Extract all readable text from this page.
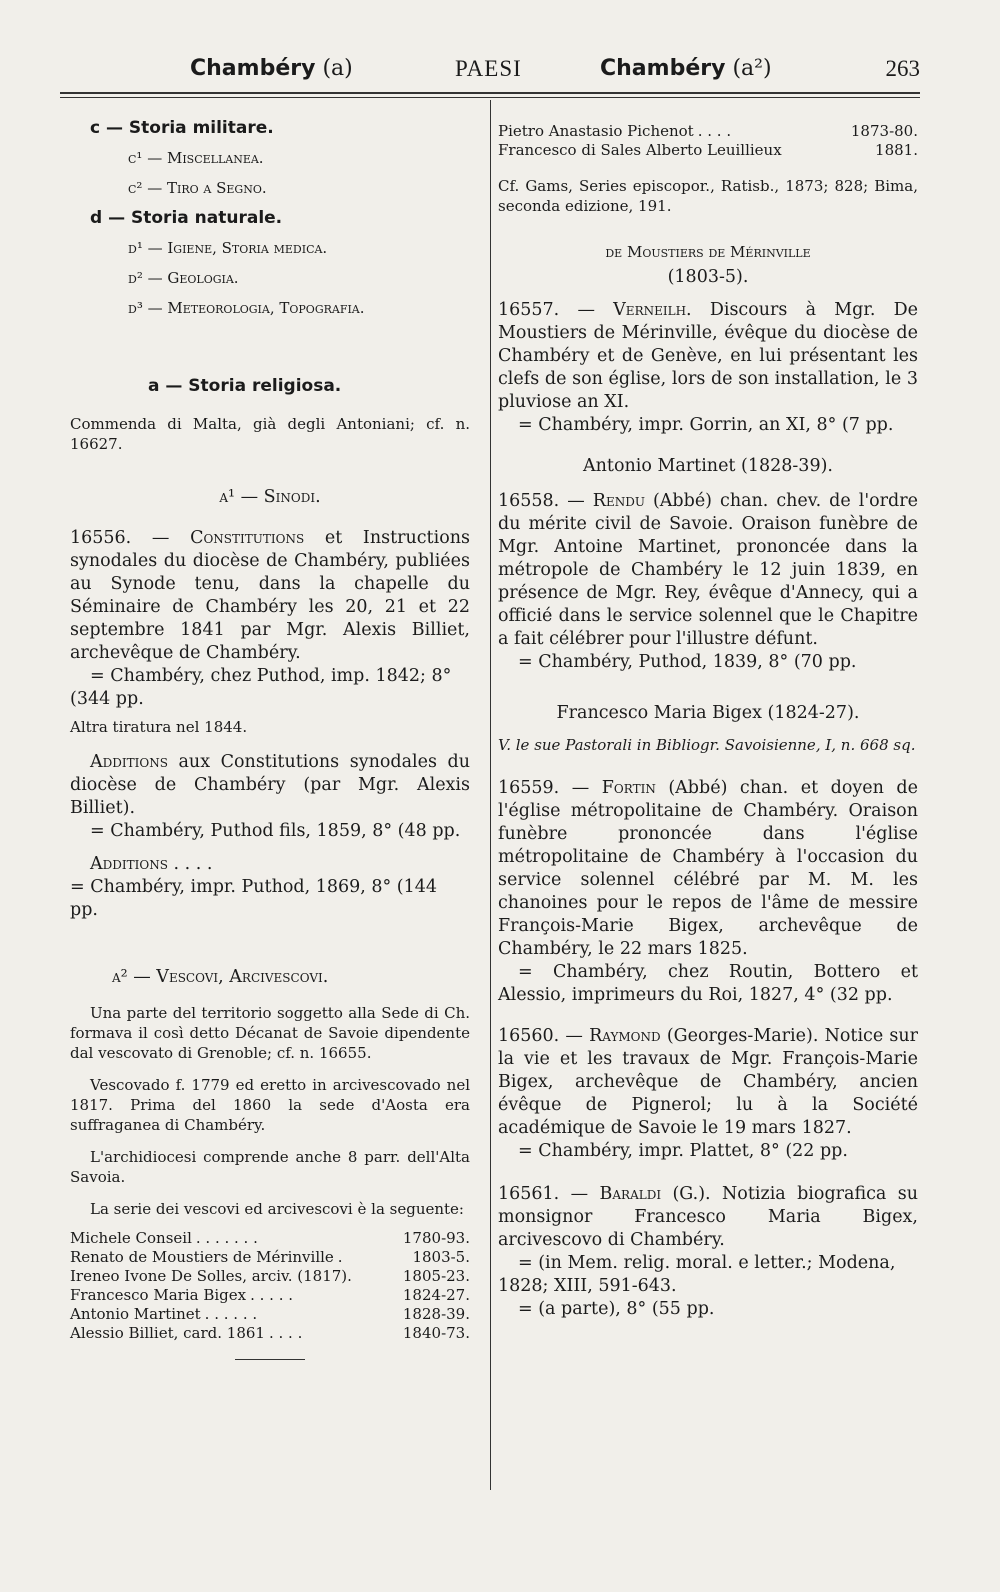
Chambéry (a)	PAESI	Chambéry (a²)	263
c — Storia militare.
c¹ — Miscellanea.
c² — Tiro a Segno.
d — Storia naturale.
d¹ — Igiene, Storia medica.
d² — Geologia.
d³ — Meteorologia, Topografia.
a — Storia religiosa.
Commenda di Malta, già degli Antoniani; cf. n. 16627.
a¹ — Sinodi.
16556. — Constitutions et Instructions synodales du diocèse de Chambéry, publiées au Synode tenu, dans la chapelle du Séminaire de Chambéry les 20, 21 et 22 septembre 1841 par Mgr. Alexis Billiet, archevêque de Chambéry.
= Chambéry, chez Puthod, imp. 1842; 8° (344 pp.
Altra tiratura nel 1844.
Additions aux Constitutions synodales du diocèse de Chambéry (par Mgr. Alexis Billiet).
= Chambéry, Puthod fils, 1859, 8° (48 pp.
Additions . . . .
= Chambéry, impr. Puthod, 1869, 8° (144 pp.
a² — Vescovi, Arcivescovi.
Una parte del territorio soggetto alla Sede di Ch. formava il così detto Décanat de Savoie dipendente dal vescovato di Grenoble; cf. n. 16655.
Vescovado f. 1779 ed eretto in arcivescovado nel 1817. Prima del 1860 la sede d'Aosta era suffraganea di Chambéry.
L'archidiocesi comprende anche 8 parr. dell'Alta Savoia.
La serie dei vescovi ed arcivescovi è la seguente:
Michele Conseil . . . . . . .	1780-93.
Renato de Moustiers de Mérinville .	1803-5.
Ireneo Ivone De Solles, arciv. (1817).	1805-23.
Francesco Maria Bigex . . . . .	1824-27.
Antonio Martinet . . . . . .	1828-39.
Alessio Billiet, card. 1861 . . . .	1840-73.
Pietro Anastasio Pichenot . . . .	1873-80.
Francesco di Sales Alberto Leuillieux	1881.
Cf. Gams, Series episcopor., Ratisb., 1873; 828; Bima, seconda edizione, 191.
de Moustiers de Mérinville
(1803-5).
16557. — Verneilh. Discours à Mgr. De Moustiers de Mérinville, évêque du diocèse de Chambéry et de Genève, en lui présentant les clefs de son église, lors de son installation, le 3 pluviose an XI.
= Chambéry, impr. Gorrin, an XI, 8° (7 pp.
Antonio Martinet (1828-39).
16558. — Rendu (Abbé) chan. chev. de l'ordre du mérite civil de Savoie. Oraison funèbre de Mgr. Antoine Martinet, prononcée dans la métropole de Chambéry le 12 juin 1839, en présence de Mgr. Rey, évêque d'Annecy, qui a officié dans le service solennel que le Chapitre a fait célébrer pour l'illustre défunt.
= Chambéry, Puthod, 1839, 8° (70 pp.
Francesco Maria Bigex (1824-27).
V. le sue Pastorali in Bibliogr. Savoisienne, I, n. 668 sq.
16559. — Fortin (Abbé) chan. et doyen de l'église métropolitaine de Chambéry. Oraison funèbre prononcée dans l'église métropolitaine de Chambéry à l'occasion du service solennel célébré par M. M. les chanoines pour le repos de l'âme de messire François-Marie Bigex, archevêque de Chambéry, le 22 mars 1825.
= Chambéry, chez Routin, Bottero et Alessio, imprimeurs du Roi, 1827, 4° (32 pp.
16560. — Raymond (Georges-Marie). Notice sur la vie et les travaux de Mgr. François-Marie Bigex, archevêque de Chambéry, ancien évêque de Pignerol; lu à la Société académique de Savoie le 19 mars 1827.
= Chambéry, impr. Plattet, 8° (22 pp.
16561. — Baraldi (G.). Notizia biografica su monsignor Francesco Maria Bigex, arcivescovo di Chambéry.
= (in Mem. relig. moral. e letter.; Modena, 1828; XIII, 591-643.
= (a parte), 8° (55 pp.
